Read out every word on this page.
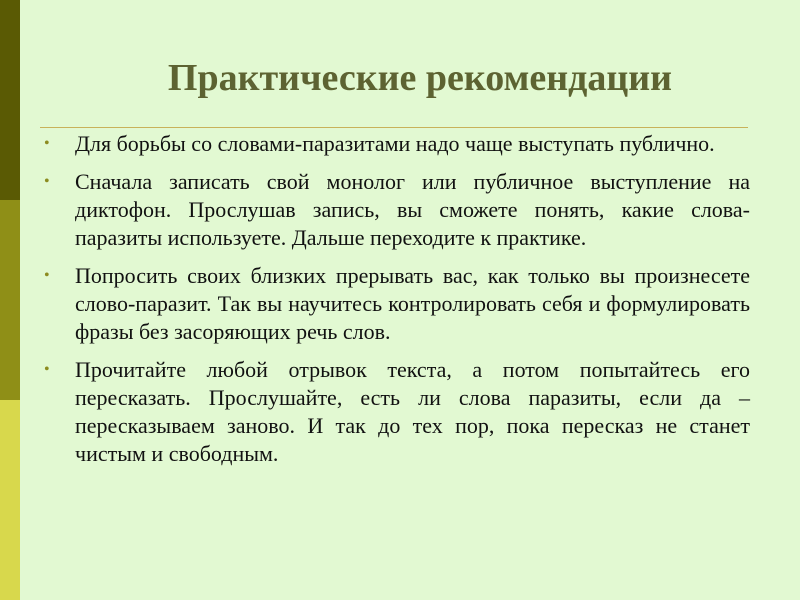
Практические рекомендации
•	Для борьбы со словами-паразитами надо чаще выступать публично.
•	Сначала записать свой монолог или публичное выступление на диктофон. Прослушав запись, вы сможете понять, какие слова-паразиты используете. Дальше переходите к практике.
•	Попросить своих близких прерывать вас, как только вы произнесете слово-паразит. Так вы научитесь контролировать себя и формулировать фразы без засоряющих речь слов.
•	Прочитайте любой отрывок текста, а потом попытайтесь его пересказать. Прослушайте, есть ли слова паразиты, если да – пересказываем заново. И так до тех пор, пока пересказ не станет чистым и свободным.
